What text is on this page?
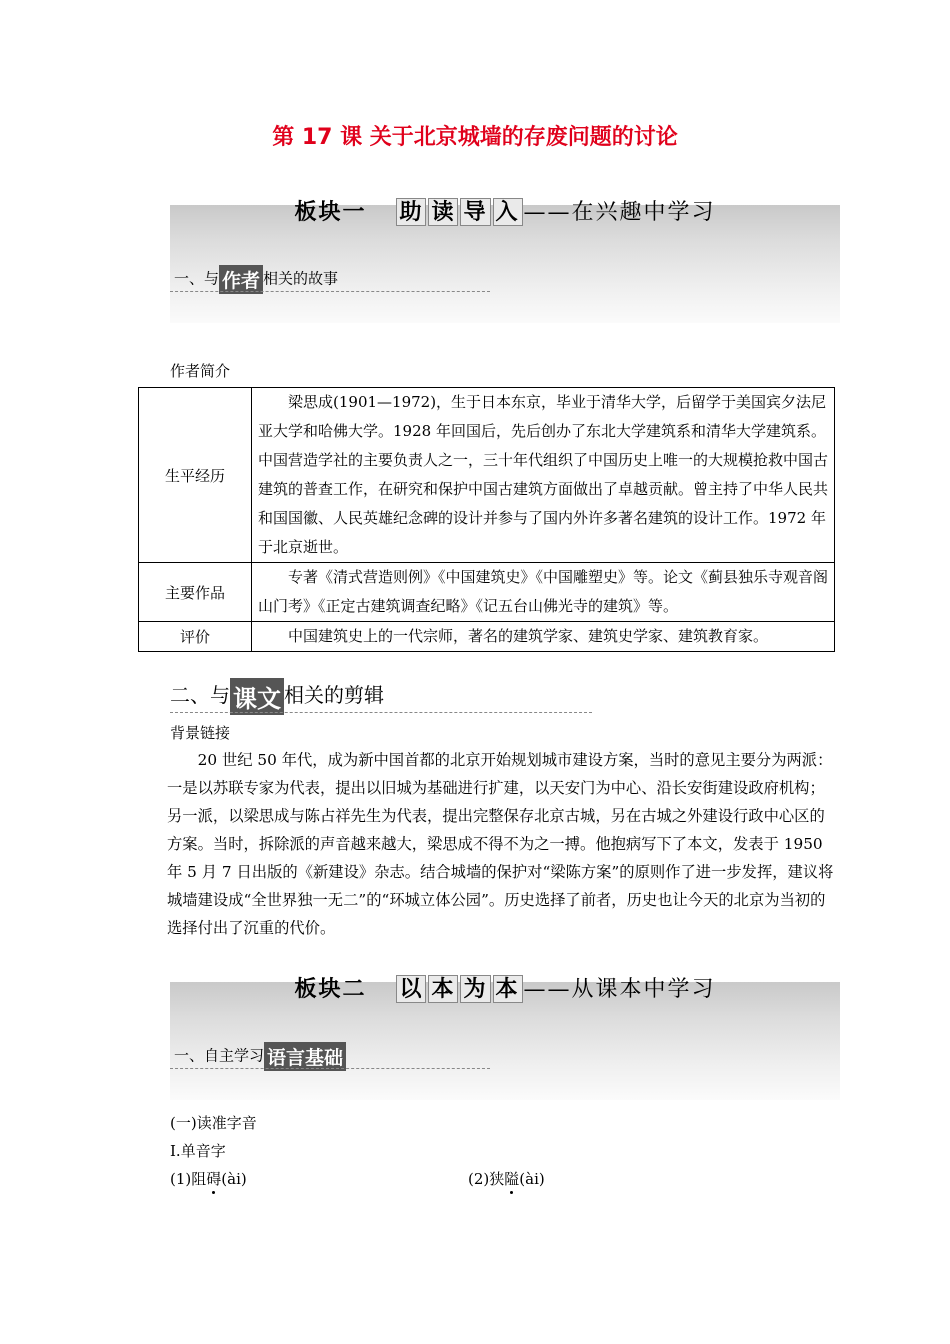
第 17 课 关于北京城墙的存废问题的讨论
板块一 助 读 导 入 ——在兴趣中学习
一、与 作者 相关的故事
作者简介
生平经历	梁思成(1901—1972)，生于日本东京，毕业于清华大学，后留学于美国宾夕法尼亚大学和哈佛大学。1928 年回国后，先后创办了东北大学建筑系和清华大学建筑系。中国营造学社的主要负责人之一，三十年代组织了中国历史上唯一的大规模抢救中国古建筑的普查工作，在研究和保护中国古建筑方面做出了卓越贡献。曾主持了中华人民共和国国徽、人民英雄纪念碑的设计并参与了国内外许多著名建筑的设计工作。1972 年于北京逝世。
主要作品	专著《清式营造则例》《中国建筑史》《中国雕塑史》等。论文《蓟县独乐寺观音阁山门考》《正定古建筑调查纪略》《记五台山佛光寺的建筑》等。
评价	中国建筑史上的一代宗师，著名的建筑学家、建筑史学家、建筑教育家。
二、与 课文 相关的剪辑
背景链接
20 世纪 50 年代，成为新中国首都的北京开始规划城市建设方案，当时的意见主要分为两派：一是以苏联专家为代表，提出以旧城为基础进行扩建，以天安门为中心、沿长安街建设政府机构；另一派，以梁思成与陈占祥先生为代表，提出完整保存北京古城，另在古城之外建设行政中心区的方案。当时，拆除派的声音越来越大，梁思成不得不为之一搏。他抱病写下了本文，发表于 1950 年 5 月 7 日出版的《新建设》杂志。结合城墙的保护对“梁陈方案”的原则作了进一步发挥，建议将城墙建设成“全世界独一无二”的“环城立体公园”。历史选择了前者，历史也让今天的北京为当初的选择付出了沉重的代价。
板块二 以 本 为 本 ——从课本中学习
一、自主学习 语言基础
(一)读准字音
Ⅰ.单音字
(1)阻碍(ài)	(2)狭隘(ài)
